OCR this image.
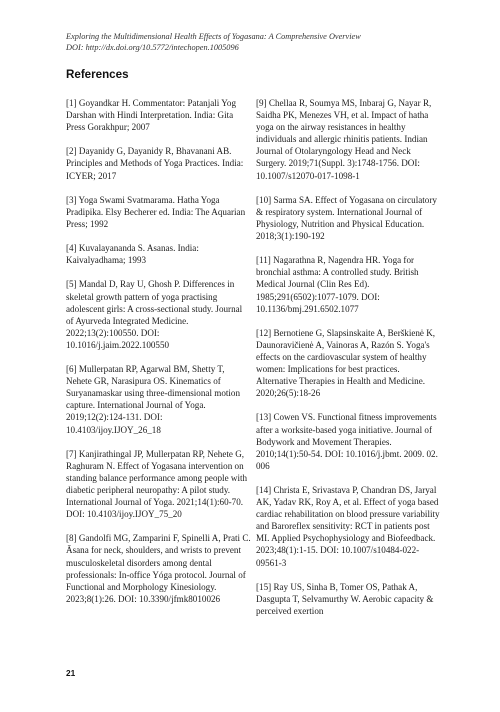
Exploring the Multidimensional Health Effects of Yogasana: A Comprehensive Overview
DOI: http://dx.doi.org/10.5772/intechopen.1005096
References
[1] Goyandkar H. Commentator: Patanjali Yog Darshan with Hindi Interpretation. India: Gita Press Gorakhpur; 2007
[2] Dayanidy G, Dayanidy R, Bhavanani AB. Principles and Methods of Yoga Practices. India: ICYER; 2017
[3] Yoga Swami Svatmarama. Hatha Yoga Pradipika. Elsy Becherer ed. India: The Aquarian Press; 1992
[4] Kuvalayananda S. Asanas. India: Kaivalyadhama; 1993
[5] Mandal D, Ray U, Ghosh P. Differences in skeletal growth pattern of yoga practising adolescent girls: A cross-sectional study. Journal of Ayurveda Integrated Medicine. 2022;13(2):100550. DOI: 10.1016/j.jaim.2022.100550
[6] Mullerpatan RP, Agarwal BM, Shetty T, Nehete GR, Narasipura OS. Kinematics of Suryanamaskar using three-dimensional motion capture. International Journal of Yoga. 2019;12(2):124-131. DOI: 10.4103/ijoy.IJOY_26_18
[7] Kanjirathingal JP, Mullerpatan RP, Nehete G, Raghuram N. Effect of Yogasana intervention on standing balance performance among people with diabetic peripheral neuropathy: A pilot study. International Journal of Yoga. 2021;14(1):60-70. DOI: 10.4103/ijoy.IJOY_75_20
[8] Gandolfi MG, Zamparini F, Spinelli A, Prati C. Āsana for neck, shoulders, and wrists to prevent musculoskeletal disorders among dental professionals: In-office Yóga protocol. Journal of Functional and Morphology Kinesiology. 2023;8(1):26. DOI: 10.3390/jfmk8010026
[9] Chellaa R, Soumya MS, Inbaraj G, Nayar R, Saidha PK, Menezes VH, et al. Impact of hatha yoga on the airway resistances in healthy individuals and allergic rhinitis patients. Indian Journal of Otolaryngology Head and Neck Surgery. 2019;71(Suppl. 3):1748-1756. DOI: 10.1007/s12070-017-1098-1
[10] Sarma SA. Effect of Yogasana on circulatory & respiratory system. International Journal of Physiology, Nutrition and Physical Education. 2018;3(1):190-192
[11] Nagarathna R, Nagendra HR. Yoga for bronchial asthma: A controlled study. British Medical Journal (Clin Res Ed). 1985;291(6502):1077-1079. DOI: 10.1136/bmj.291.6502.1077
[12] Bernotiene G, Slapsinskaite A, Berškienė K, Daunoravičienė A, Vainoras A, Razón S. Yoga's effects on the cardiovascular system of healthy women: Implications for best practices. Alternative Therapies in Health and Medicine. 2020;26(5):18-26
[13] Cowen VS. Functional fitness improvements after a worksite-based yoga initiative. Journal of Bodywork and Movement Therapies. 2010;14(1):50-54. DOI: 10.1016/j.jbmt. 2009. 02. 006
[14] Christa E, Srivastava P, Chandran DS, Jaryal AK, Yadav RK, Roy A, et al. Effect of yoga based cardiac rehabilitation on blood pressure variability and Baroreflex sensitivity: RCT in patients post MI. Applied Psychophysiology and Biofeedback. 2023;48(1):1-15. DOI: 10.1007/s10484-022-09561-3
[15] Ray US, Sinha B, Tomer OS, Pathak A, Dasgupta T, Selvamurthy W. Aerobic capacity & perceived exertion
21
